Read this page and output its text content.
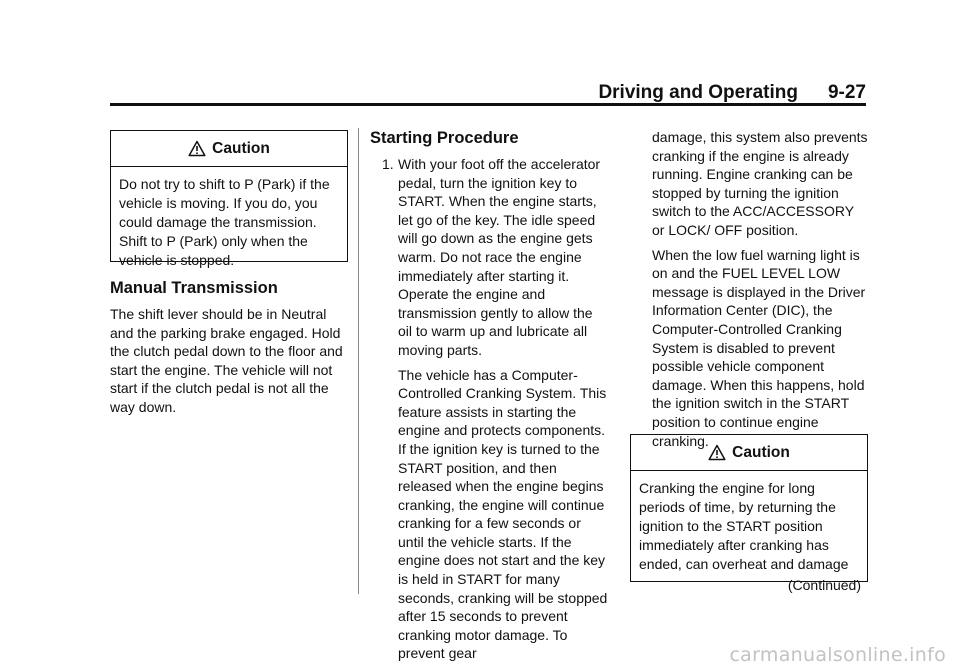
Driving and Operating 9-27
Caution
Do not try to shift to P (Park) if the vehicle is moving. If you do, you could damage the transmission. Shift to P (Park) only when the vehicle is stopped.
Manual Transmission

The shift lever should be in Neutral and the parking brake engaged. Hold the clutch pedal down to the floor and start the engine. The vehicle will not start if the clutch pedal is not all the way down.

Starting Procedure
1. With your foot off the accelerator pedal, turn the ignition key to START. When the engine starts, let go of the key. The idle speed will go down as the engine gets warm. Do not race the engine immediately after starting it. Operate the engine and transmission gently to allow the oil to warm up and lubricate all moving parts.

The vehicle has a Computer-Controlled Cranking System. This feature assists in starting the engine and protects components. If the ignition key is turned to the START position, and then released when the engine begins cranking, the engine will continue cranking for a few seconds or until the vehicle starts. If the engine does not start and the key is held in START for many seconds, cranking will be stopped after 15 seconds to prevent cranking motor damage. To prevent gear

damage, this system also prevents cranking if the engine is already running. Engine cranking can be stopped by turning the ignition switch to the ACC/ACCESSORY or LOCK/ OFF position.

When the low fuel warning light is on and the FUEL LEVEL LOW message is displayed in the Driver Information Center (DIC), the Computer-Controlled Cranking System is disabled to prevent possible vehicle component damage. When this happens, hold the ignition switch in the START position to continue engine cranking.

Caution
Cranking the engine for long periods of time, by returning the ignition to the START position immediately after cranking has ended, can overheat and damage
(Continued)
carmanualsonline.info
